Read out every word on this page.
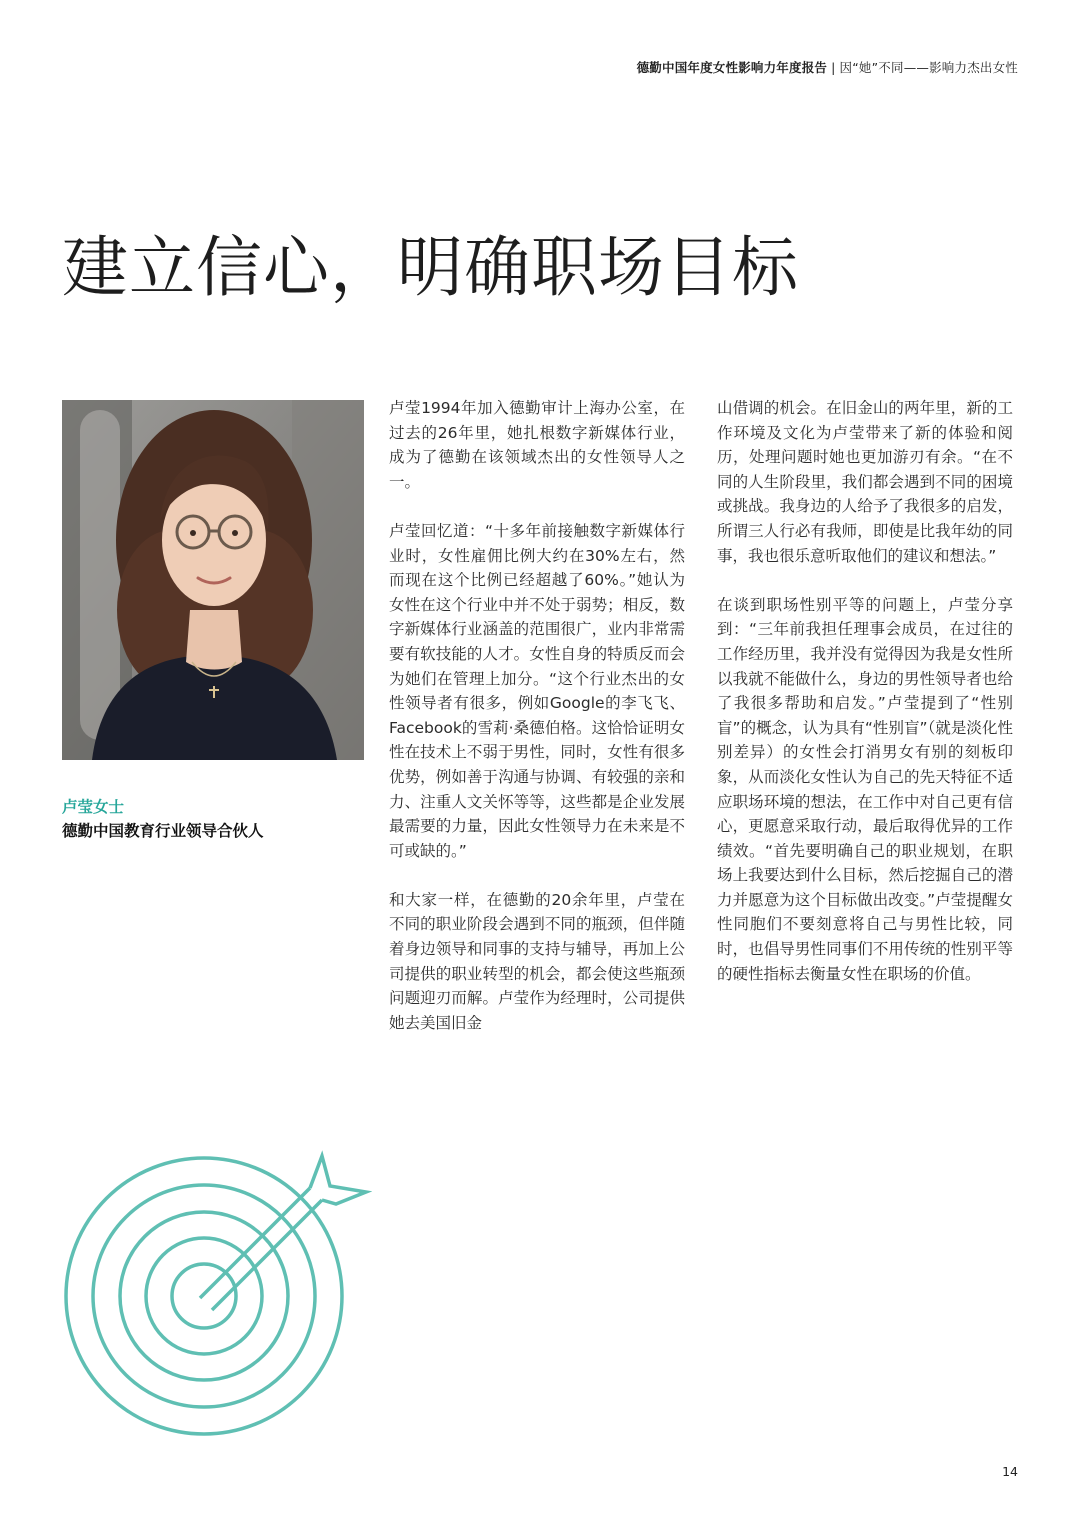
德勤中国年度女性影响力年度报告 | 因“她”不同——影响力杰出女性
建立信心，明确职场目标
卢莹女士
德勤中国教育行业领导合伙人

卢莹1994年加入德勤审计上海办公室，在过去的26年里，她扎根数字新媒体行业，成为了德勤在该领域杰出的女性领导人之一。

卢莹回忆道：“十多年前接触数字新媒体行业时，女性雇佣比例大约在30%左右，然而现在这个比例已经超越了60%。”她认为女性在这个行业中并不处于弱势；相反，数字新媒体行业涵盖的范围很广，业内非常需要有软技能的人才。女性自身的特质反而会为她们在管理上加分。“这个行业杰出的女性领导者有很多，例如Google的李飞飞、Facebook的雪莉·桑德伯格。这恰恰证明女性在技术上不弱于男性，同时，女性有很多优势，例如善于沟通与协调、有较强的亲和力、注重人文关怀等等，这些都是企业发展最需要的力量，因此女性领导力在未来是不可或缺的。”

和大家一样，在德勤的20余年里，卢莹在不同的职业阶段会遇到不同的瓶颈，但伴随着身边领导和同事的支持与辅导，再加上公司提供的职业转型的机会，都会使这些瓶颈问题迎刃而解。卢莹作为经理时，公司提供她去美国旧金

山借调的机会。在旧金山的两年里，新的工作环境及文化为卢莹带来了新的体验和阅历，处理问题时她也更加游刃有余。“在不同的人生阶段里，我们都会遇到不同的困境或挑战。我身边的人给予了我很多的启发，所谓三人行必有我师，即使是比我年幼的同事，我也很乐意听取他们的建议和想法。”

在谈到职场性别平等的问题上，卢莹分享到：“三年前我担任理事会成员，在过往的工作经历里，我并没有觉得因为我是女性所以我就不能做什么，身边的男性领导者也给了我很多帮助和启发。”卢莹提到了“性别盲”的概念，认为具有“性别盲”（就是淡化性别差异）的女性会打消男女有别的刻板印象，从而淡化女性认为自己的先天特征不适应职场环境的想法，在工作中对自己更有信心，更愿意采取行动，最后取得优异的工作绩效。“首先要明确自己的职业规划，在职场上我要达到什么目标，然后挖掘自己的潜力并愿意为这个目标做出改变。”卢莹提醒女性同胞们不要刻意将自己与男性比较，同时，也倡导男性同事们不用传统的性别平等的硬性指标去衡量女性在职场的价值。

14
